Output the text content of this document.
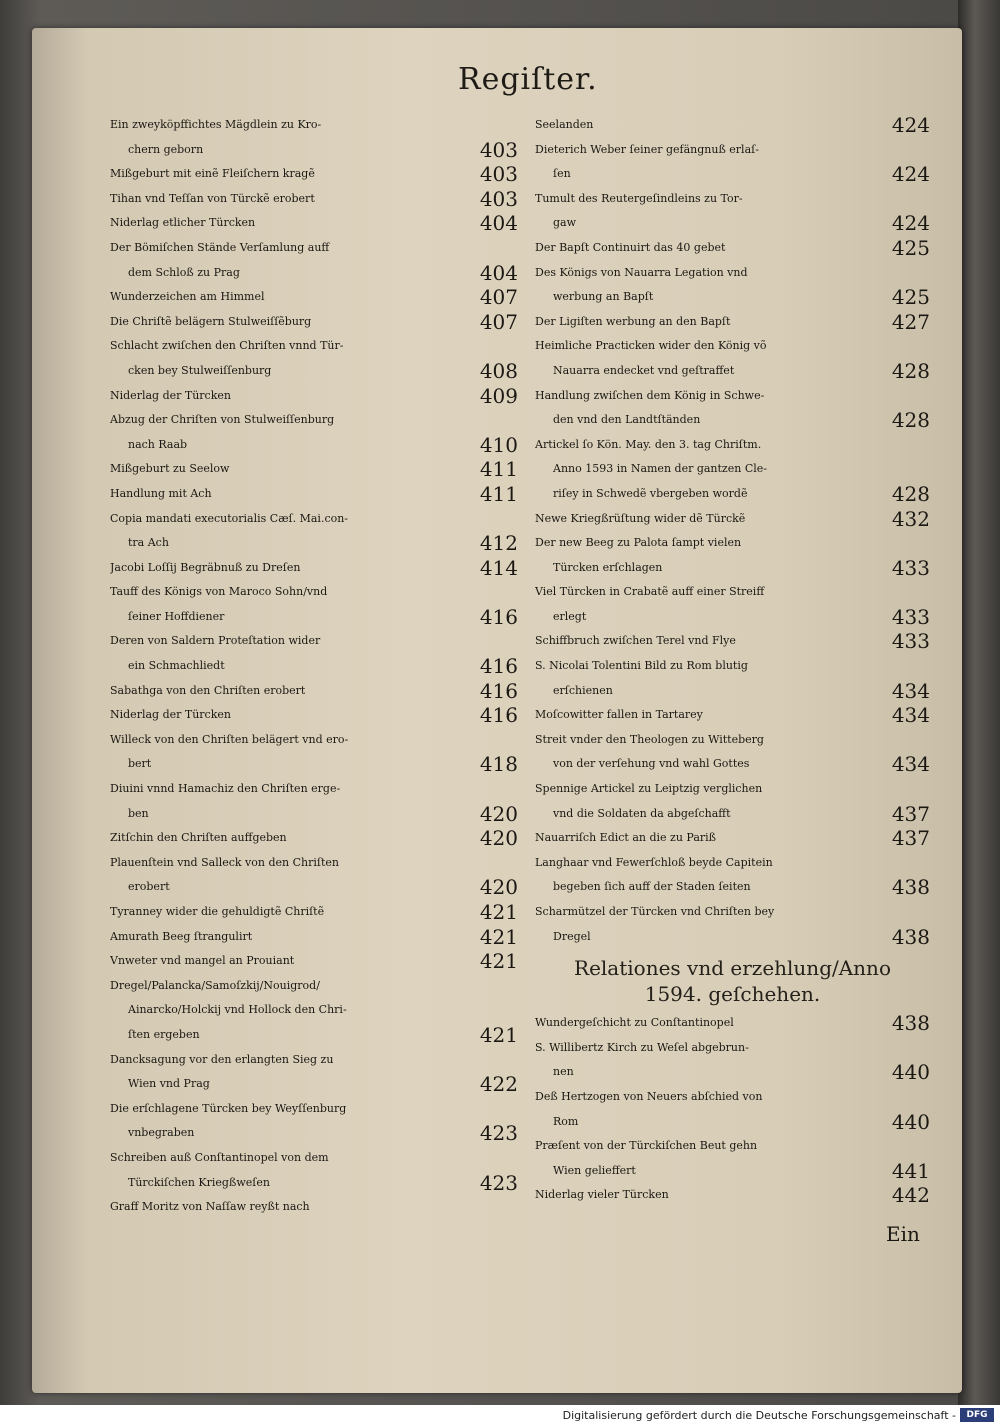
Regiſter.
Ein zweyköpffichtes Mägdlein zu Kro-
chern geborn	403
Mißgeburt mit einẽ Fleiſchern kragẽ	403
Tihan vnd Teſſan von Türckẽ erobert	403
Niderlag etlicher Türcken	404
Der Bömiſchen Stände Verſamlung auff
dem Schloß zu Prag	404
Wunderzeichen am Himmel	407
Die Chriſtẽ belägern Stulweiſſẽburg	407
Schlacht zwiſchen den Chriſten vnnd Tür-
cken bey Stulweiſſenburg	408
Niderlag der Türcken	409
Abzug der Chriſten von Stulweiſſenburg
nach Raab	410
Mißgeburt zu Seelow	411
Handlung mit Ach	411
Copia mandati executorialis Cæſ. Mai.con-
tra Ach	412
Jacobi Loſſij Begräbnuß zu Dreſen	414
Tauff des Königs von Maroco Sohn/vnd
ſeiner Hoffdiener	416
Deren von Saldern Proteſtation wider
ein Schmachliedt	416
Sabathga von den Chriſten erobert	416
Niderlag der Türcken	416
Willeck von den Chriſten belägert vnd ero-
bert	418
Diuini vnnd Hamachiz den Chriſten erge-
ben	420
Zitſchin den Chriſten auffgeben	420
Plauenſtein vnd Salleck von den Chriſten
erobert	420
Tyranney wider die gehuldigtẽ Chriſtẽ	421
Amurath Beeg ſtrangulirt	421
Vnweter vnd mangel an Prouiant	421
Dregel/Palancka/Samoſzkij/Nouigrod/
Ainarcko/Holckij vnd Hollock den Chri-
ſten ergeben	421
Dancksagung vor den erlangten Sieg zu
Wien vnd Prag	422
Die erſchlagene Türcken bey Weyſſenburg
vnbegraben	423
Schreiben auß Conſtantinopel von dem
Türckiſchen Kriegßweſen	423
Graff Moritz von Naſſaw reyßt nach
Seelanden	424
Dieterich Weber ſeiner gefängnuß erlaſ-
ſen	424
Tumult des Reutergeſindleins zu Tor-
gaw	424
Der Bapſt Continuirt das 40 gebet	425
Des Königs von Nauarra Legation vnd
werbung an Bapſt	425
Der Ligiſten werbung an den Bapſt	427
Heimliche Practicken wider den König võ
Nauarra endecket vnd geſtraffet	428
Handlung zwiſchen dem König in Schwe-
den vnd den Landtſtänden	428
Artickel ſo Kön. May. den 3. tag Chriſtm.
Anno 1593 in Namen der gantzen Cle-
riſey in Schwedẽ vbergeben wordẽ	428
Newe Kriegßrüſtung wider dẽ Türckẽ	432
Der new Beeg zu Palota ſampt vielen
Türcken erſchlagen	433
Viel Türcken in Crabatẽ auff einer Streiff
erlegt	433
Schiffbruch zwiſchen Terel vnd Flye	433
S. Nicolai Tolentini Bild zu Rom blutig
erſchienen	434
Moſcowitter fallen in Tartarey	434
Streit vnder den Theologen zu Witteberg
von der verſehung vnd wahl Gottes	434
Spennige Artickel zu Leiptzig verglichen
vnd die Soldaten da abgeſchafft	437
Nauarriſch Edict an die zu Pariß	437
Langhaar vnd Fewerſchloß beyde Capitein
begeben ſich auff der Staden ſeiten	438
Scharmützel der Türcken vnd Chriſten bey
Dregel	438
Relationes vnd erzehlung/Anno
1594. geſchehen.
Wundergeſchicht zu Conſtantinopel	438
S. Willibertz Kirch zu Weſel abgebrun-
nen	440
Deß Hertzogen von Neuers abſchied von
Rom	440
Præſent von der Türckiſchen Beut gehn
Wien gelieffert	441
Niderlag vieler Türcken	442
Ein
Digitalisierung gefördert durch die Deutsche Forschungsgemeinschaft -	DFG
